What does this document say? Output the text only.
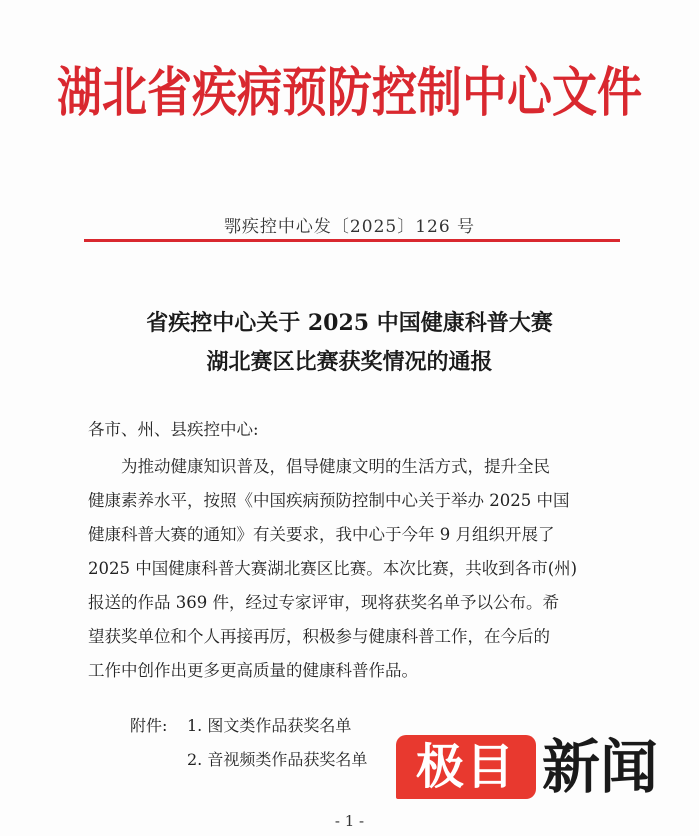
湖北省疾病预防控制中心文件
鄂疾控中心发〔2025〕126 号
省疾控中心关于 2025 中国健康科普大赛
湖北赛区比赛获奖情况的通报
各市、州、县疾控中心:
　　为推动健康知识普及，倡导健康文明的生活方式，提升全民
健康素养水平，按照《中国疾病预防控制中心关于举办 2025 中国
健康科普大赛的通知》有关要求，我中心于今年 9 月组织开展了
2025 中国健康科普大赛湖北赛区比赛。本次比赛，共收到各市(州)
报送的作品 369 件，经过专家评审，现将获奖名单予以公布。希
望获奖单位和个人再接再厉，积极参与健康科普工作，在今后的
工作中创作出更多更高质量的健康科普作品。
附件: 1. 图文类作品获奖名单
2. 音视频类作品获奖名单
- 1 -
极目 新闻
